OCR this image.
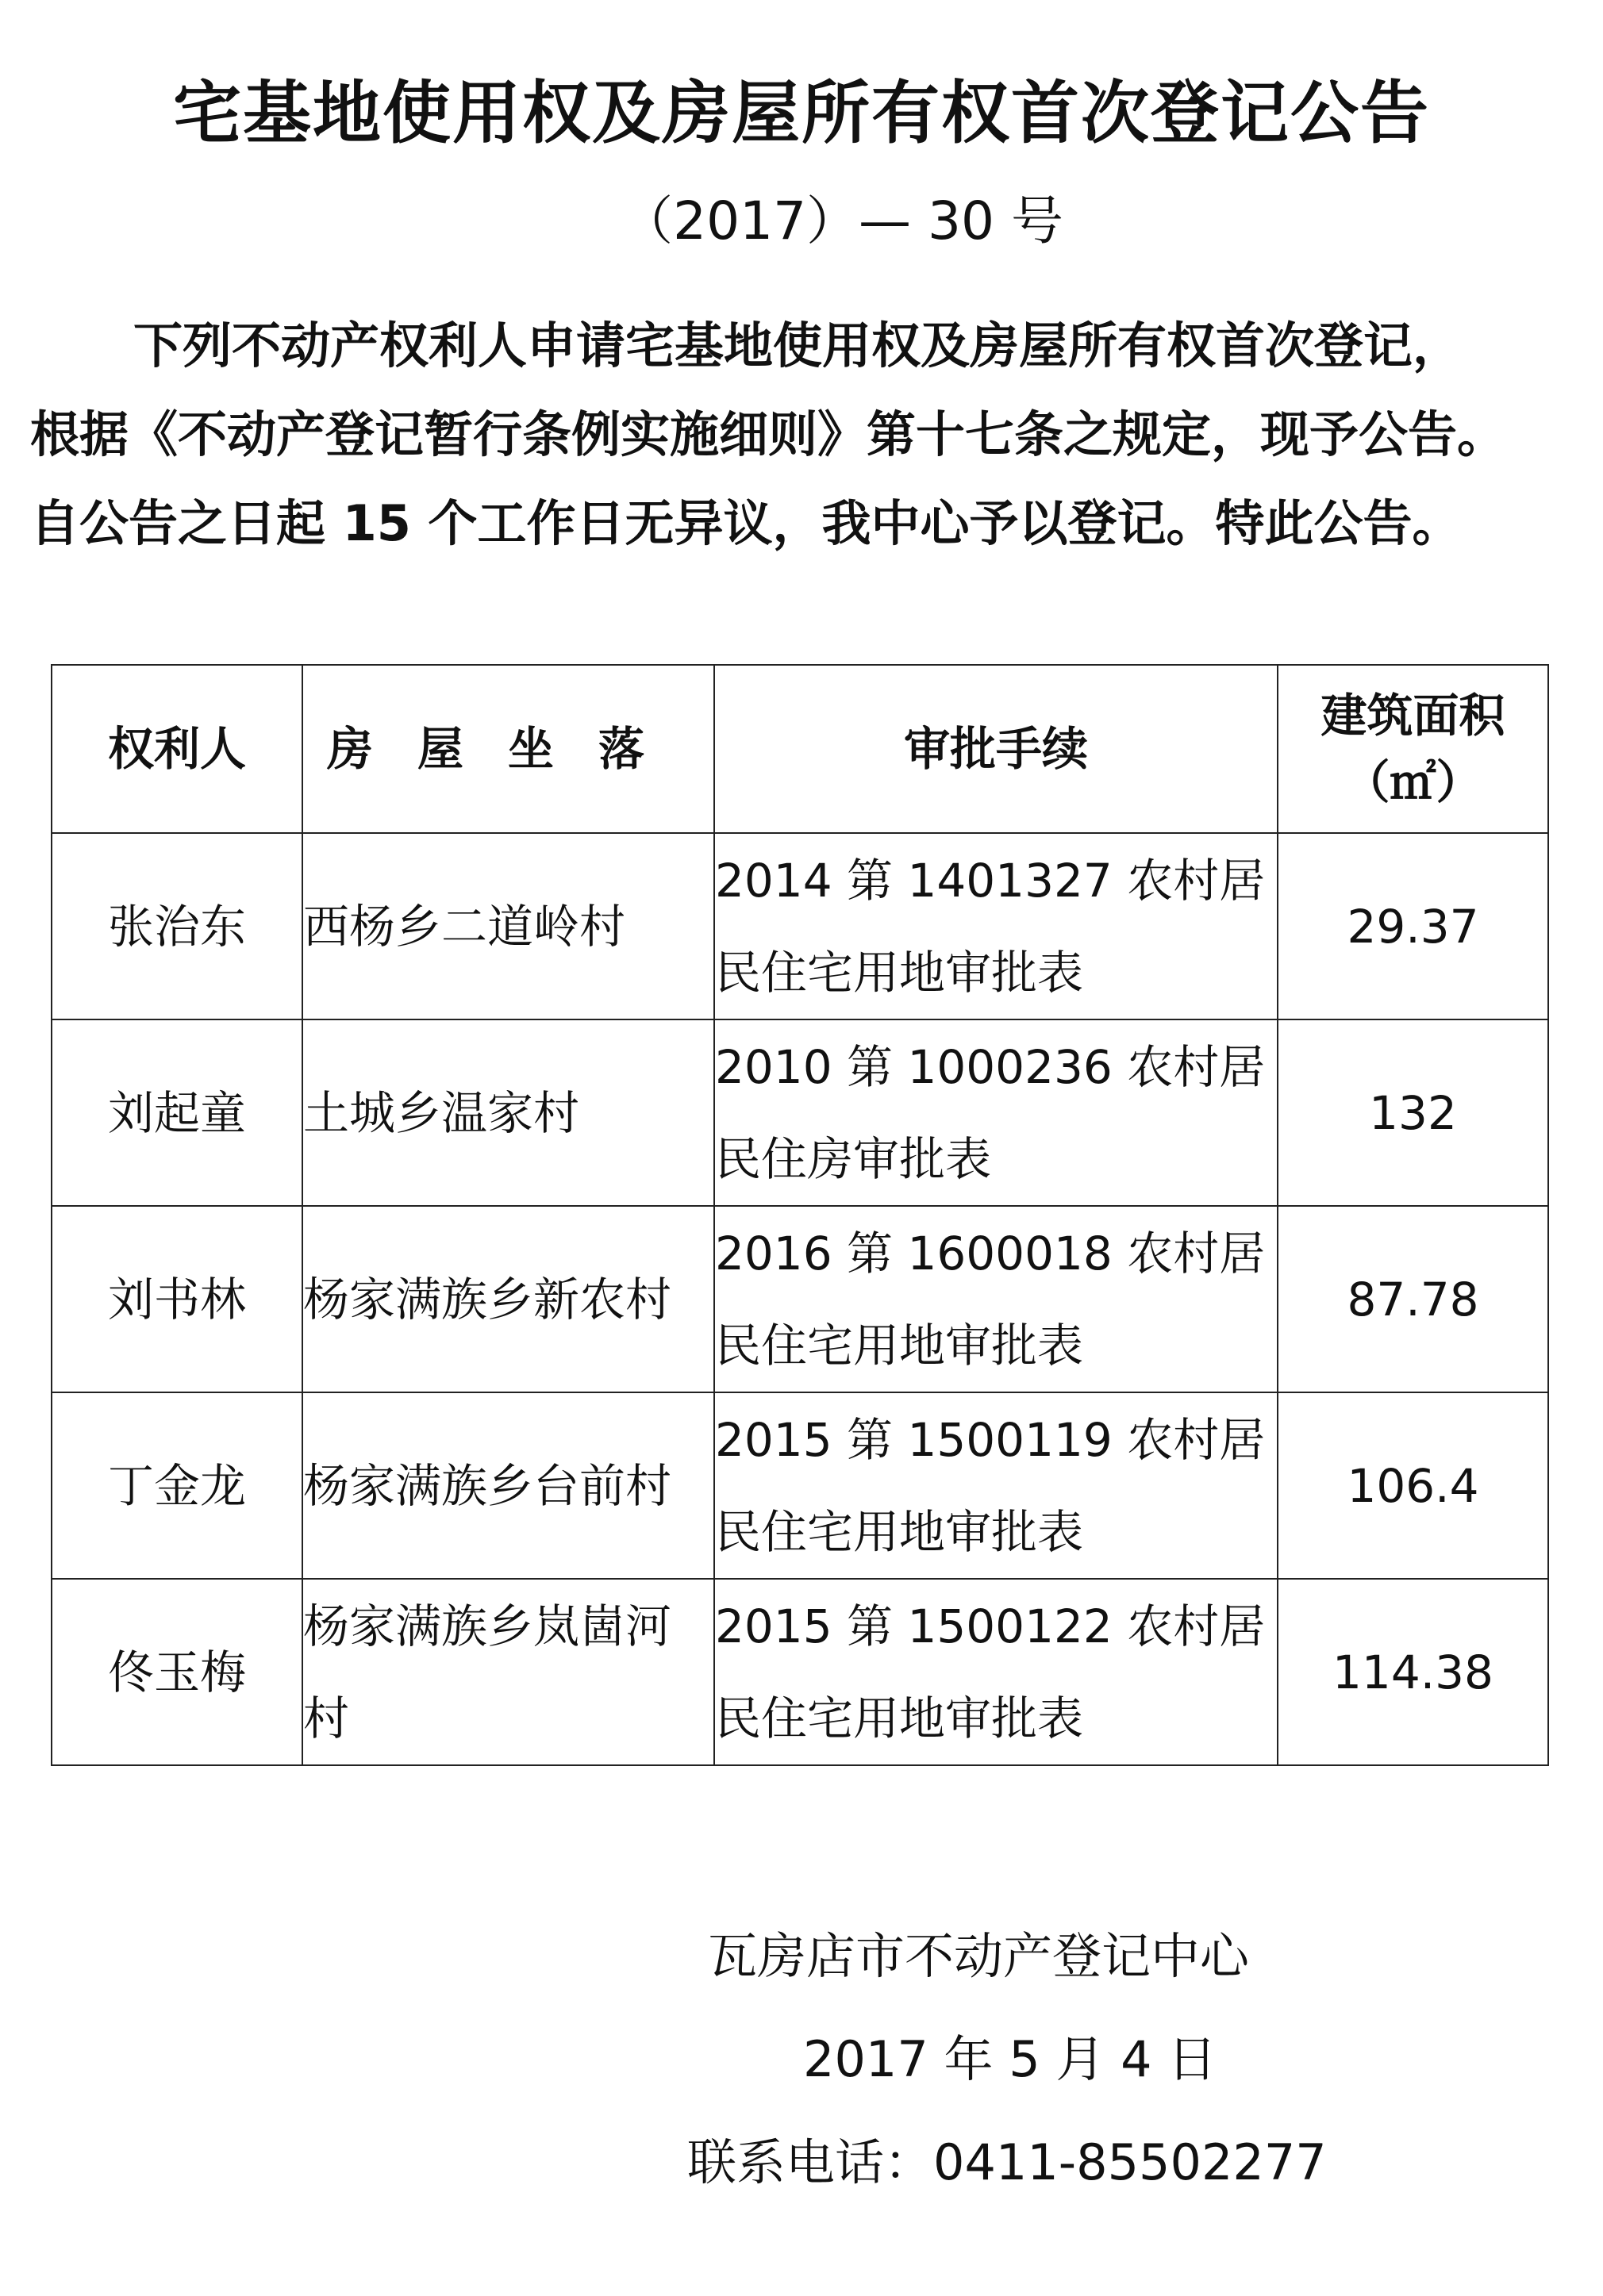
宅基地使用权及房屋所有权首次登记公告
（2017）— 30 号
下列不动产权利人申请宅基地使用权及房屋所有权首次登记，
根据《不动产登记暂行条例实施细则》第十七条之规定，现予公告。
自公告之日起 15 个工作日无异议，我中心予以登记。特此公告。
权利人	房屋坐落	审批手续	建筑面积
（㎡）

张治东	西杨乡二道岭村	2014 第 1401327 农村居民住宅用地审批表	29.37
刘起童	土城乡温家村	2010 第 1000236 农村居民住房审批表	132
刘书林	杨家满族乡新农村	2016 第 1600018 农村居民住宅用地审批表	87.78
丁金龙	杨家满族乡台前村	2015 第 1500119 农村居民住宅用地审批表	106.4
佟玉梅	杨家满族乡岚崮河村	2015 第 1500122 农村居民住宅用地审批表	114.38
瓦房店市不动产登记中心
2017 年 5 月 4 日
联系电话：0411-85502277
